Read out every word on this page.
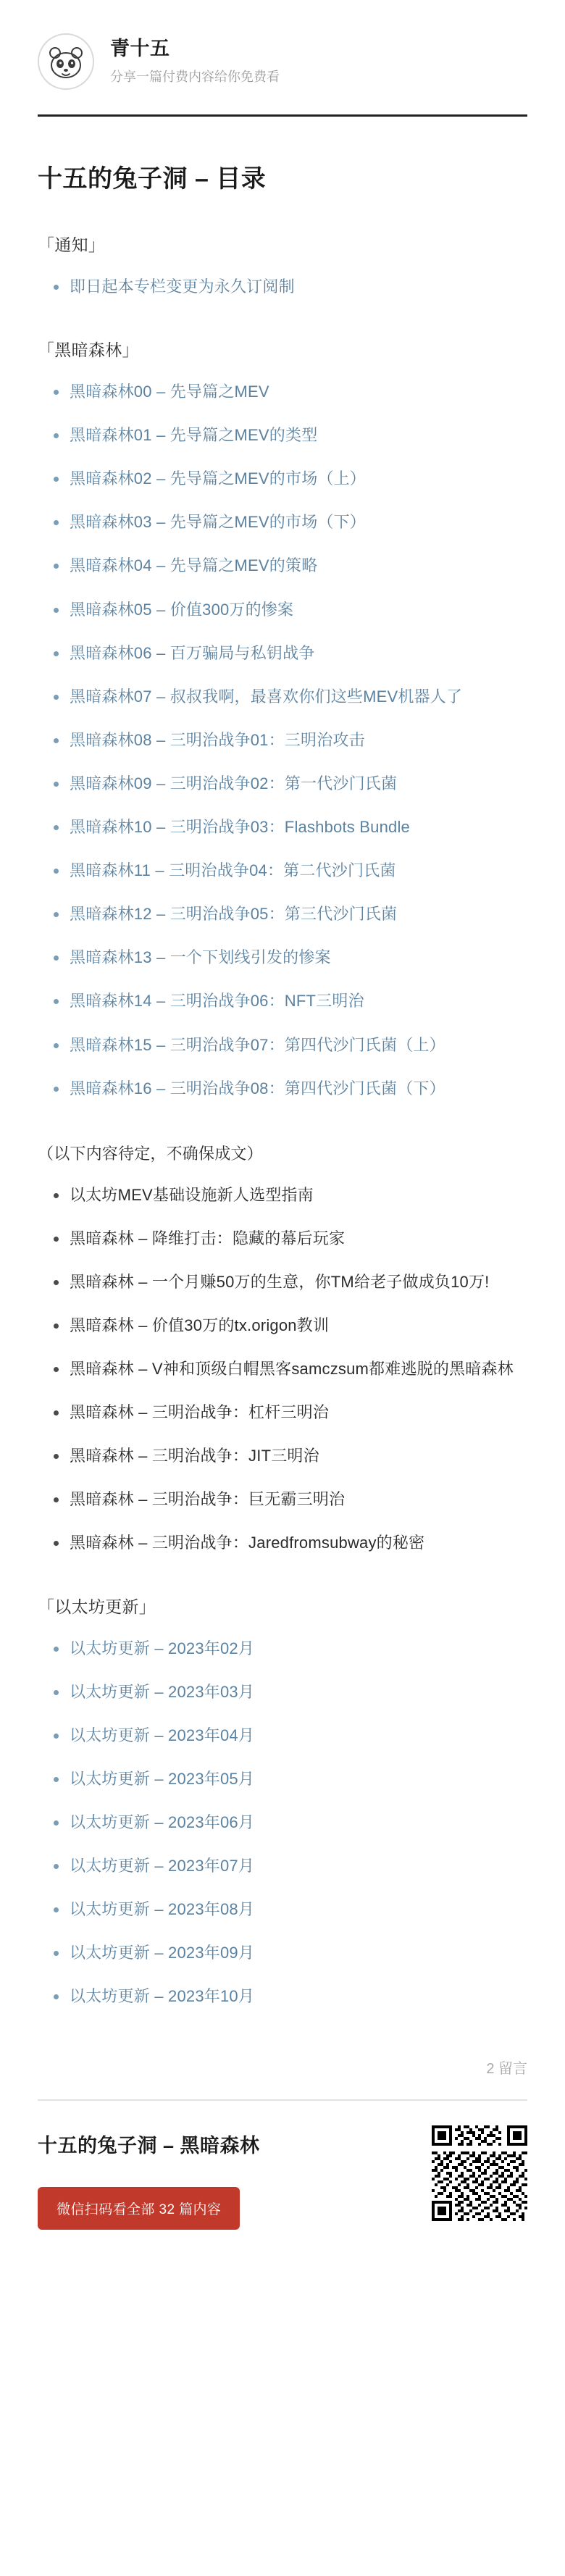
青十五
分享一篇付费内容给你免费看
十五的兔子洞 – 目录
「通知」
即日起本专栏变更为永久订阅制
「黑暗森林」
黑暗森林00 – 先导篇之MEV
黑暗森林01 – 先导篇之MEV的类型
黑暗森林02 – 先导篇之MEV的市场（上）
黑暗森林03 – 先导篇之MEV的市场（下）
黑暗森林04 – 先导篇之MEV的策略
黑暗森林05 – 价值300万的惨案
黑暗森林06 – 百万骗局与私钥战争
黑暗森林07 – 叔叔我啊，最喜欢你们这些MEV机器人了
黑暗森林08 – 三明治战争01：三明治攻击
黑暗森林09 – 三明治战争02：第一代沙门氏菌
黑暗森林10 – 三明治战争03：Flashbots Bundle
黑暗森林11 – 三明治战争04：第二代沙门氏菌
黑暗森林12 – 三明治战争05：第三代沙门氏菌
黑暗森林13 – 一个下划线引发的惨案
黑暗森林14 – 三明治战争06：NFT三明治
黑暗森林15 – 三明治战争07：第四代沙门氏菌（上）
黑暗森林16 – 三明治战争08：第四代沙门氏菌（下）
（以下内容待定，不确保成文）
以太坊MEV基础设施新人选型指南
黑暗森林 – 降维打击：隐藏的幕后玩家
黑暗森林 – 一个月赚50万的生意，你TM给老子做成负10万!
黑暗森林 – 价值30万的tx.origon教训
黑暗森林 – V神和顶级白帽黑客samczsum都难逃脱的黑暗森林
黑暗森林 – 三明治战争：杠杆三明治
黑暗森林 – 三明治战争：JIT三明治
黑暗森林 – 三明治战争：巨无霸三明治
黑暗森林 – 三明治战争：Jaredfromsubway的秘密
「以太坊更新」
以太坊更新 – 2023年02月
以太坊更新 – 2023年03月
以太坊更新 – 2023年04月
以太坊更新 – 2023年05月
以太坊更新 – 2023年06月
以太坊更新 – 2023年07月
以太坊更新 – 2023年08月
以太坊更新 – 2023年09月
以太坊更新 – 2023年10月
2 留言
十五的兔子洞 – 黑暗森林
微信扫码看全部 32 篇内容
